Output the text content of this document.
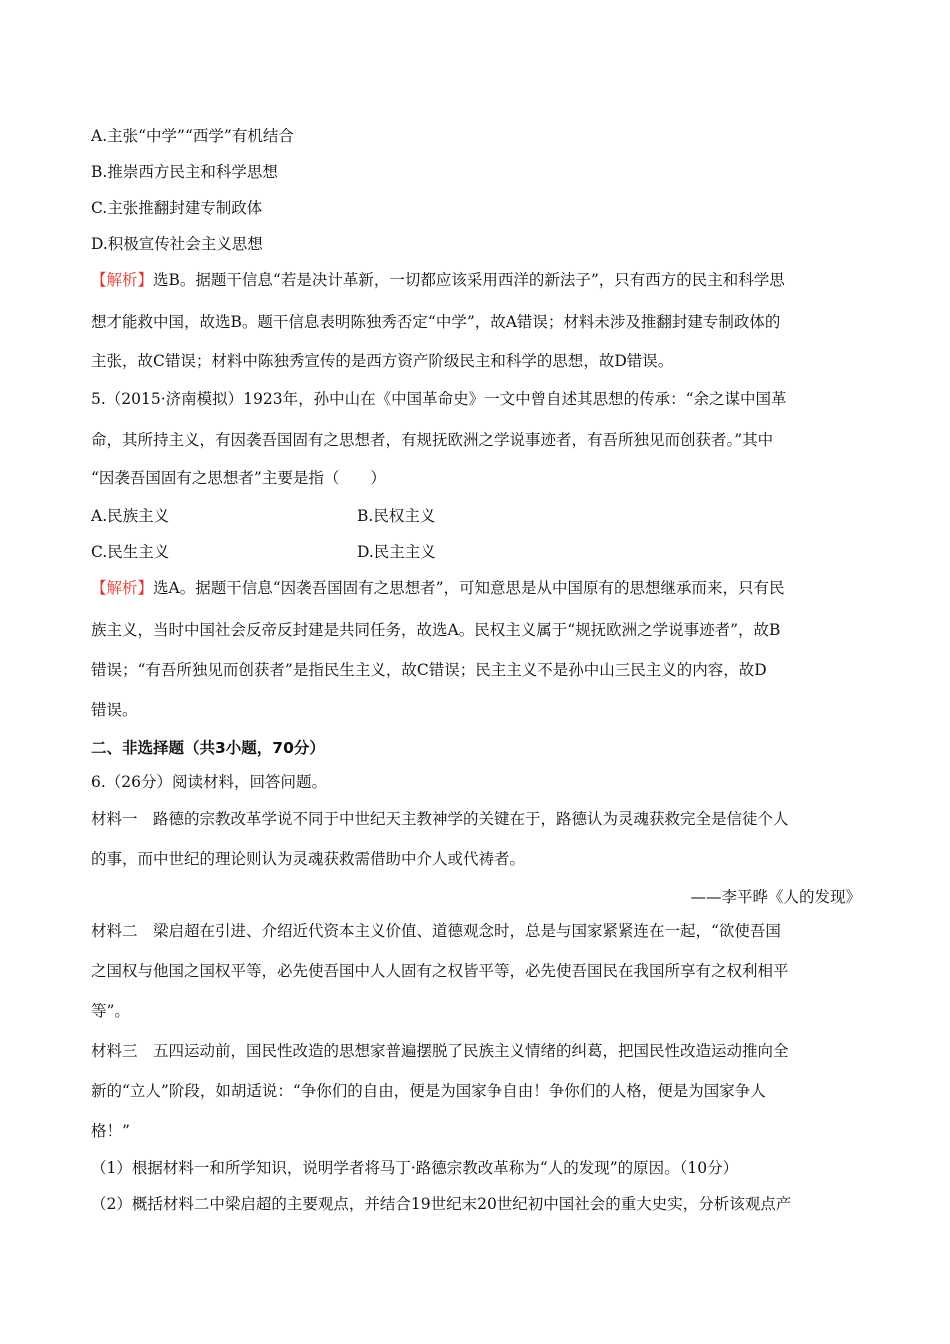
A.主张“中学”“西学”有机结合
B.推崇西方民主和科学思想
C.主张推翻封建专制政体
D.积极宣传社会主义思想
【解析】选B。据题干信息“若是决计革新，一切都应该采用西洋的新法子”，只有西方的民主和科学思
想才能救中国，故选B。题干信息表明陈独秀否定“中学”，故A错误；材料未涉及推翻封建专制政体的
主张，故C错误；材料中陈独秀宣传的是西方资产阶级民主和科学的思想，故D错误。
5.（2015·济南模拟）1923年，孙中山在《中国革命史》一文中曾自述其思想的传承：“余之谋中国革
命，其所持主义，有因袭吾国固有之思想者，有规抚欧洲之学说事迹者，有吾所独见而创获者。”其中
“因袭吾国固有之思想者”主要是指（　　）
A.民族主义	B.民权主义
C.民生主义	D.民主主义
【解析】选A。据题干信息“因袭吾国固有之思想者”，可知意思是从中国原有的思想继承而来，只有民
族主义，当时中国社会反帝反封建是共同任务，故选A。民权主义属于“规抚欧洲之学说事迹者”，故B
错误；“有吾所独见而创获者”是指民生主义，故C错误；民主主义不是孙中山三民主义的内容，故D
错误。
二、非选择题（共3小题，70分）
6.（26分）阅读材料，回答问题。
材料一　路德的宗教改革学说不同于中世纪天主教神学的关键在于，路德认为灵魂获救完全是信徒个人
的事，而中世纪的理论则认为灵魂获救需借助中介人或代祷者。
——李平晔《人的发现》
材料二　梁启超在引进、介绍近代资本主义价值、道德观念时，总是与国家紧紧连在一起，“欲使吾国
之国权与他国之国权平等，必先使吾国中人人固有之权皆平等，必先使吾国民在我国所享有之权利相平
等”。
材料三　五四运动前，国民性改造的思想家普遍摆脱了民族主义情绪的纠葛，把国民性改造运动推向全
新的“立人”阶段，如胡适说：“争你们的自由，便是为国家争自由！争你们的人格，便是为国家争人
格！”
（1）根据材料一和所学知识，说明学者将马丁·路德宗教改革称为“人的发现”的原因。（10分）
（2）概括材料二中梁启超的主要观点，并结合19世纪末20世纪初中国社会的重大史实，分析该观点产
